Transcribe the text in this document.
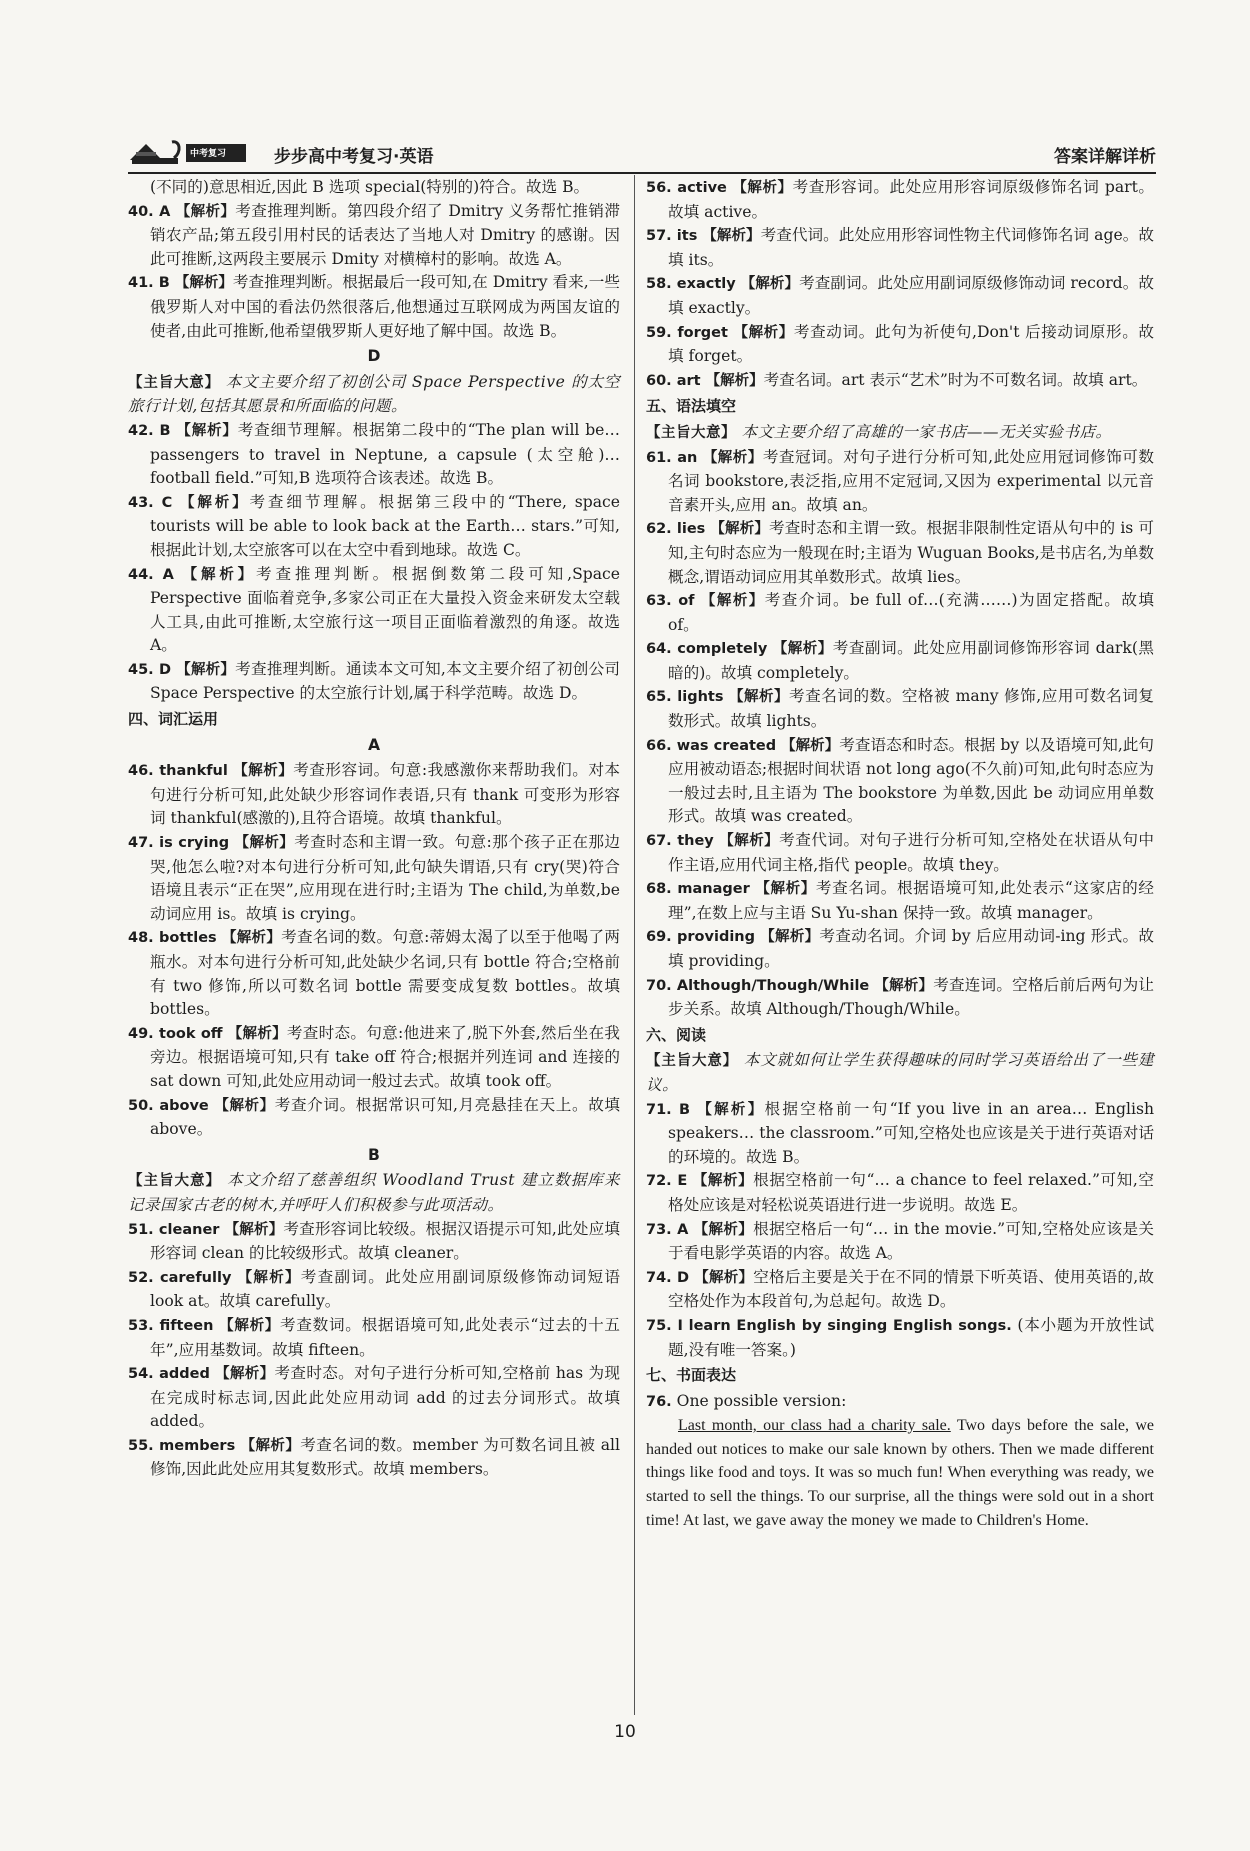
中考复习	步步高中考复习·英语	答案详解详析

(不同的)意思相近,因此 B 选项 special(特别的)符合。故选 B。

40. A 【解析】考查推理判断。第四段介绍了 Dmitry 义务帮忙推销滞销农产品;第五段引用村民的话表达了当地人对 Dmitry 的感谢。因此可推断,这两段主要展示 Dmity 对横樟村的影响。故选 A。

41. B 【解析】考查推理判断。根据最后一段可知,在 Dmitry 看来,一些俄罗斯人对中国的看法仍然很落后,他想通过互联网成为两国友谊的使者,由此可推断,他希望俄罗斯人更好地了解中国。故选 B。

D

【主旨大意】 本文主要介绍了初创公司 Space Perspective 的太空旅行计划,包括其愿景和所面临的问题。

42. B 【解析】考查细节理解。根据第二段中的“The plan will be… passengers to travel in Neptune, a capsule (太空舱)… football field.”可知,B 选项符合该表述。故选 B。

43. C 【解析】考查细节理解。根据第三段中的“There, space tourists will be able to look back at the Earth… stars.”可知,根据此计划,太空旅客可以在太空中看到地球。故选 C。

44. A 【解析】考查推理判断。根据倒数第二段可知,Space Perspective 面临着竞争,多家公司正在大量投入资金来研发太空载人工具,由此可推断,太空旅行这一项目正面临着激烈的角逐。故选 A。

45. D 【解析】考查推理判断。通读本文可知,本文主要介绍了初创公司 Space Perspective 的太空旅行计划,属于科学范畴。故选 D。

四、词汇运用

A

46. thankful 【解析】考查形容词。句意:我感激你来帮助我们。对本句进行分析可知,此处缺少形容词作表语,只有 thank 可变形为形容词 thankful(感激的),且符合语境。故填 thankful。

47. is crying 【解析】考查时态和主谓一致。句意:那个孩子正在那边哭,他怎么啦?对本句进行分析可知,此句缺失谓语,只有 cry(哭)符合语境且表示“正在哭”,应用现在进行时;主语为 The child,为单数,be 动词应用 is。故填 is crying。

48. bottles 【解析】考查名词的数。句意:蒂姆太渴了以至于他喝了两瓶水。对本句进行分析可知,此处缺少名词,只有 bottle 符合;空格前有 two 修饰,所以可数名词 bottle 需要变成复数 bottles。故填 bottles。

49. took off 【解析】考查时态。句意:他进来了,脱下外套,然后坐在我旁边。根据语境可知,只有 take off 符合;根据并列连词 and 连接的 sat down 可知,此处应用动词一般过去式。故填 took off。

50. above 【解析】考查介词。根据常识可知,月亮悬挂在天上。故填 above。

B

【主旨大意】 本文介绍了慈善组织 Woodland Trust 建立数据库来记录国家古老的树木,并呼吁人们积极参与此项活动。

51. cleaner 【解析】考查形容词比较级。根据汉语提示可知,此处应填形容词 clean 的比较级形式。故填 cleaner。

52. carefully 【解析】考查副词。此处应用副词原级修饰动词短语 look at。故填 carefully。

53. fifteen 【解析】考查数词。根据语境可知,此处表示“过去的十五年”,应用基数词。故填 fifteen。

54. added 【解析】考查时态。对句子进行分析可知,空格前 has 为现在完成时标志词,因此此处应用动词 add 的过去分词形式。故填 added。

55. members 【解析】考查名词的数。member 为可数名词且被 all 修饰,因此此处应用其复数形式。故填 members。

56. active 【解析】考查形容词。此处应用形容词原级修饰名词 part。故填 active。

57. its 【解析】考查代词。此处应用形容词性物主代词修饰名词 age。故填 its。

58. exactly 【解析】考查副词。此处应用副词原级修饰动词 record。故填 exactly。

59. forget 【解析】考查动词。此句为祈使句,Don't 后接动词原形。故填 forget。

60. art 【解析】考查名词。art 表示“艺术”时为不可数名词。故填 art。

五、语法填空

【主旨大意】 本文主要介绍了高雄的一家书店——无关实验书店。

61. an 【解析】考查冠词。对句子进行分析可知,此处应用冠词修饰可数名词 bookstore,表泛指,应用不定冠词,又因为 experimental 以元音音素开头,应用 an。故填 an。

62. lies 【解析】考查时态和主谓一致。根据非限制性定语从句中的 is 可知,主句时态应为一般现在时;主语为 Wuguan Books,是书店名,为单数概念,谓语动词应用其单数形式。故填 lies。

63. of 【解析】考查介词。be full of…(充满……)为固定搭配。故填 of。

64. completely 【解析】考查副词。此处应用副词修饰形容词 dark(黑暗的)。故填 completely。

65. lights 【解析】考查名词的数。空格被 many 修饰,应用可数名词复数形式。故填 lights。

66. was created 【解析】考查语态和时态。根据 by 以及语境可知,此句应用被动语态;根据时间状语 not long ago(不久前)可知,此句时态应为一般过去时,且主语为 The bookstore 为单数,因此 be 动词应用单数形式。故填 was created。

67. they 【解析】考查代词。对句子进行分析可知,空格处在状语从句中作主语,应用代词主格,指代 people。故填 they。

68. manager 【解析】考查名词。根据语境可知,此处表示“这家店的经理”,在数上应与主语 Su Yu-shan 保持一致。故填 manager。

69. providing 【解析】考查动名词。介词 by 后应用动词-ing 形式。故填 providing。

70. Although/Though/While 【解析】考查连词。空格后前后两句为让步关系。故填 Although/Though/While。

六、阅读

【主旨大意】 本文就如何让学生获得趣味的同时学习英语给出了一些建议。

71. B 【解析】根据空格前一句“If you live in an area… English speakers… the classroom.”可知,空格处也应该是关于进行英语对话的环境的。故选 B。

72. E 【解析】根据空格前一句“… a chance to feel relaxed.”可知,空格处应该是对轻松说英语进行进一步说明。故选 E。

73. A 【解析】根据空格后一句“… in the movie.”可知,空格处应该是关于看电影学英语的内容。故选 A。

74. D 【解析】空格后主要是关于在不同的情景下听英语、使用英语的,故空格处作为本段首句,为总起句。故选 D。

75. I learn English by singing English songs. (本小题为开放性试题,没有唯一答案。)

七、书面表达

76. One possible version:

Last month, our class had a charity sale. Two days before the sale, we handed out notices to make our sale known by others. Then we made different things like food and toys. It was so much fun! When everything was ready, we started to sell the things. To our surprise, all the things were sold out in a short time! At last, we gave away the money we made to Children's Home.

10
